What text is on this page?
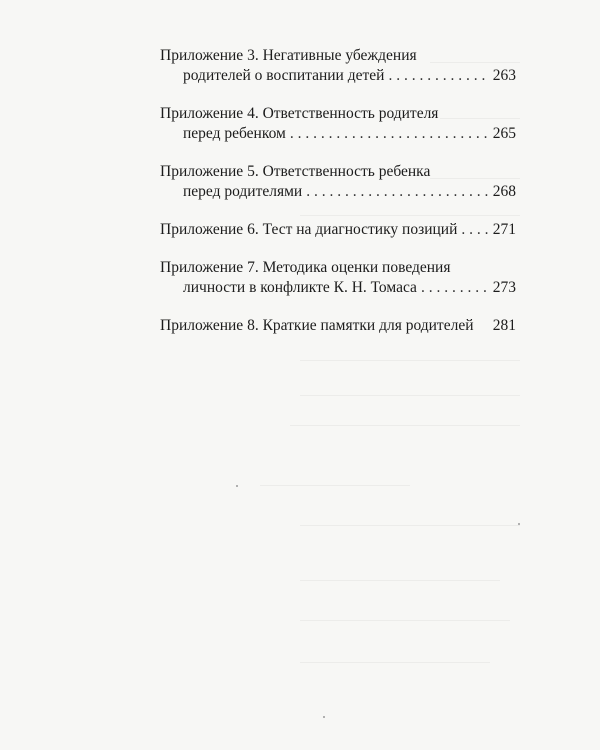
Приложение 3. Негативные убеждения
родителей о воспитании детей . . .	263
Приложение 4. Ответственность родителя
перед ребенком . . .	265
Приложение 5. Ответственность ребенка
перед родителями . . .	268
Приложение 6. Тест на диагностику позиций . . . 271
Приложение 7. Методика оценки поведения
личности в конфликте К. Н. Томаса . . .	273
Приложение 8. Краткие памятки для родителей 281
